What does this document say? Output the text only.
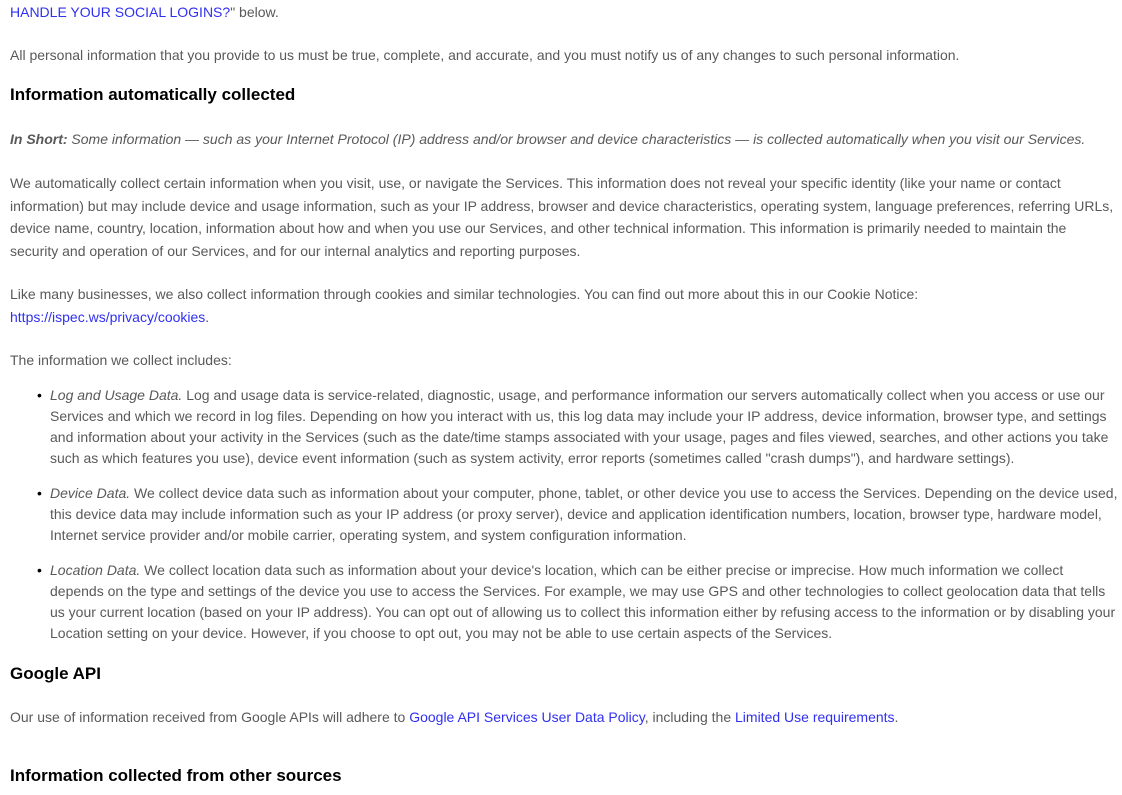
HANDLE YOUR SOCIAL LOGINS?" below.

All personal information that you provide to us must be true, complete, and accurate, and you must notify us of any changes to such personal information.

Information automatically collected

In Short: Some information — such as your Internet Protocol (IP) address and/or browser and device characteristics — is collected automatically when you visit our Services.

We automatically collect certain information when you visit, use, or navigate the Services. This information does not reveal your specific identity (like your name or contact information) but may include device and usage information, such as your IP address, browser and device characteristics, operating system, language preferences, referring URLs, device name, country, location, information about how and when you use our Services, and other technical information. This information is primarily needed to maintain the security and operation of our Services, and for our internal analytics and reporting purposes.

Like many businesses, we also collect information through cookies and similar technologies. You can find out more about this in our Cookie Notice: https://ispec.ws/privacy/cookies.

The information we collect includes:

• Log and Usage Data. Log and usage data is service-related, diagnostic, usage, and performance information our servers automatically collect when you access or use our Services and which we record in log files. Depending on how you interact with us, this log data may include your IP address, device information, browser type, and settings and information about your activity in the Services (such as the date/time stamps associated with your usage, pages and files viewed, searches, and other actions you take such as which features you use), device event information (such as system activity, error reports (sometimes called "crash dumps"), and hardware settings).
• Device Data. We collect device data such as information about your computer, phone, tablet, or other device you use to access the Services. Depending on the device used, this device data may include information such as your IP address (or proxy server), device and application identification numbers, location, browser type, hardware model, Internet service provider and/or mobile carrier, operating system, and system configuration information.
• Location Data. We collect location data such as information about your device's location, which can be either precise or imprecise. How much information we collect depends on the type and settings of the device you use to access the Services. For example, we may use GPS and other technologies to collect geolocation data that tells us your current location (based on your IP address). You can opt out of allowing us to collect this information either by refusing access to the information or by disabling your Location setting on your device. However, if you choose to opt out, you may not be able to use certain aspects of the Services.
Google API

Our use of information received from Google APIs will adhere to Google API Services User Data Policy, including the Limited Use requirements.

Information collected from other sources
